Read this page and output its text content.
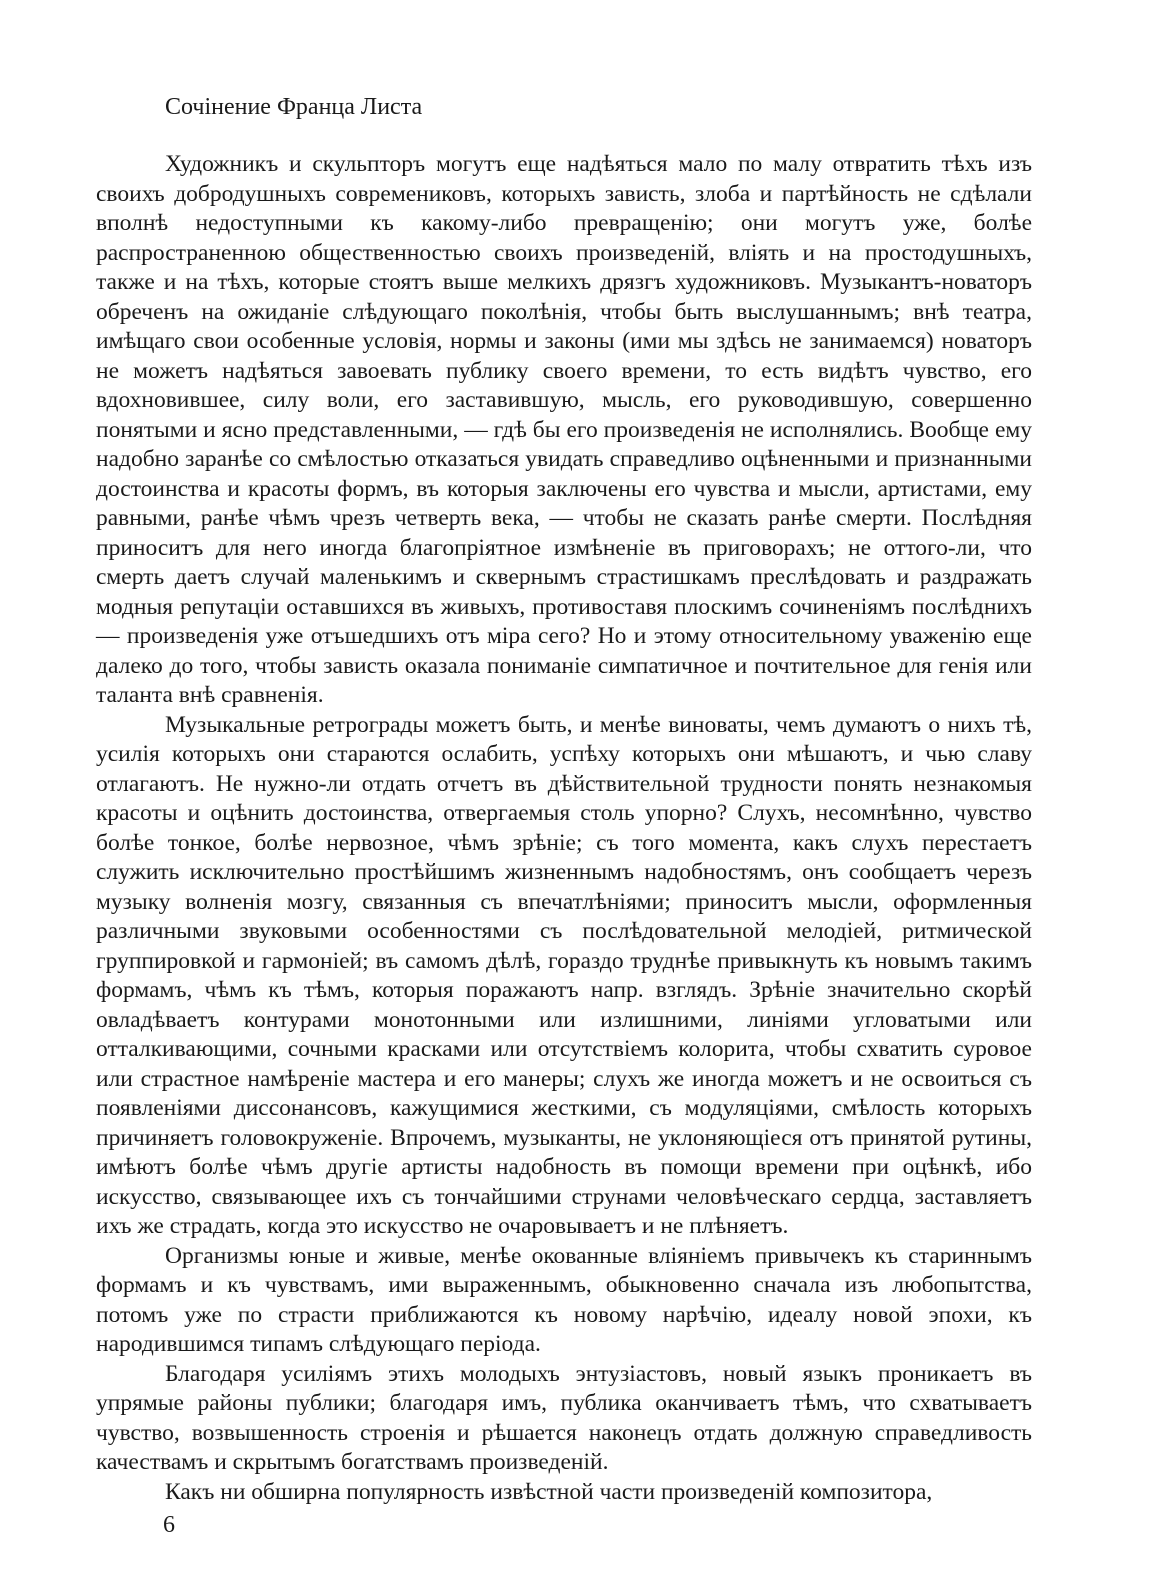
Сочінение Франца Листа

Художникъ и скульпторъ могутъ еще надѣяться мало по малу отвратить тѣхъ изъ своихъ добродушныхъ современиковъ, которыхъ зависть, злоба и партѣйность не сдѣлали вполнѣ недоступными къ какому-либо превращенію; они могутъ уже, болѣе распространенною общественностью своихъ произведеній, вліять и на простодушныхъ, также и на тѣхъ, которые стоятъ выше мелкихъ дрязгъ художниковъ. Музыкантъ-новаторъ обреченъ на ожиданіе слѣдующаго поколѣнія, чтобы быть выслушаннымъ; внѣ театра, имѣщаго свои особенные условія, нормы и законы (ими мы здѣсь не занимаемся) новаторъ не можетъ надѣяться завоевать публику своего времени, то есть видѣтъ чувство, его вдохновившее, силу воли, его заставившую, мысль, его руководившую, совершенно понятыми и ясно представленными, — гдѣ бы его произведенія не исполнялись. Вообще ему надобно заранѣе со смѣлостью отказаться увидать справедливо оцѣненными и признанными достоинства и красоты формъ, въ которыя заключены его чувства и мысли, артистами, ему равными, ранѣе чѣмъ чрезъ четверть века, — чтобы не сказать ранѣе смерти. Послѣдняя приноситъ для него иногда благопріятное измѣненіе въ приговорахъ; не оттого-ли, что смерть даетъ случай маленькимъ и сквернымъ страстишкамъ преслѣдовать и раздражать модныя репутаціи оставшихся въ живыхъ, противоставя плоскимъ сочиненіямъ послѣднихъ — произведенія уже отъшедшихъ отъ міра сего? Но и этому относительному уваженію еще далеко до того, чтобы зависть оказала пониманіе симпатичное и почтительное для генія или таланта внѣ сравненія.

Музыкальные ретрограды можетъ быть, и менѣе виноваты, чемъ думаютъ о нихъ тѣ, усилія которыхъ они стараются ослабить, успѣху которыхъ они мѣшаютъ, и чью славу отлагаютъ. Не нужно-ли отдать отчетъ въ дѣйствительной трудности понять незнакомыя красоты и оцѣнить достоинства, отвергаемыя столь упорно? Слухъ, несомнѣнно, чувство болѣе тонкое, болѣе нервозное, чѣмъ зрѣніе; съ того момента, какъ слухъ перестаетъ служить исключительно простѣйшимъ жизненнымъ надобностямъ, онъ сообщаетъ черезъ музыку волненія мозгу, связанныя съ впечатлѣніями; приноситъ мысли, оформленныя различными звуковыми особенностями съ послѣдовательной мелодіей, ритмической группировкой и гармоніей; въ самомъ дѣлѣ, гораздо труднѣе привыкнуть къ новымъ такимъ формамъ, чѣмъ къ тѣмъ, которыя поражаютъ напр. взглядъ. Зрѣніе значительно скорѣй овладѣваетъ контурами монотонными или излишними, линіями угловатыми или отталкивающими, сочными красками или отсутствіемъ колорита, чтобы схватить суровое или страстное намѣреніе мастера и его манеры; слухъ же иногда можетъ и не освоиться съ появленіями диссонансовъ, кажущимися жесткими, съ модуляціями, смѣлость которыхъ причиняетъ головокруженіе. Впрочемъ, музыканты, не уклоняющіеся отъ принятой рутины, имѣютъ болѣе чѣмъ другіе артисты надобность въ помощи времени при оцѣнкѣ, ибо искусство, связывающее ихъ съ тончайшими струнами человѣческаго сердца, заставляетъ ихъ же страдать, когда это искусство не очаровываетъ и не плѣняетъ.

Организмы юные и живые, менѣе окованные вліяніемъ привычекъ къ стариннымъ формамъ и къ чувствамъ, ими выраженнымъ, обыкновенно сначала изъ любопытства, потомъ уже по страсти приближаются къ новому нарѣчію, идеалу новой эпохи, къ народившимся типамъ слѣдующаго періода.

Благодаря усиліямъ этихъ молодыхъ энтузіастовъ, новый языкъ проникаетъ въ упрямые районы публики; благодаря имъ, публика оканчиваетъ тѣмъ, что схватываетъ чувство, возвышенность строенія и рѣшается наконецъ отдать должную справедливость качествамъ и скрытымъ богатствамъ произведеній.

Какъ ни обширна популярность извѣстной части произведеній композитора,

6
